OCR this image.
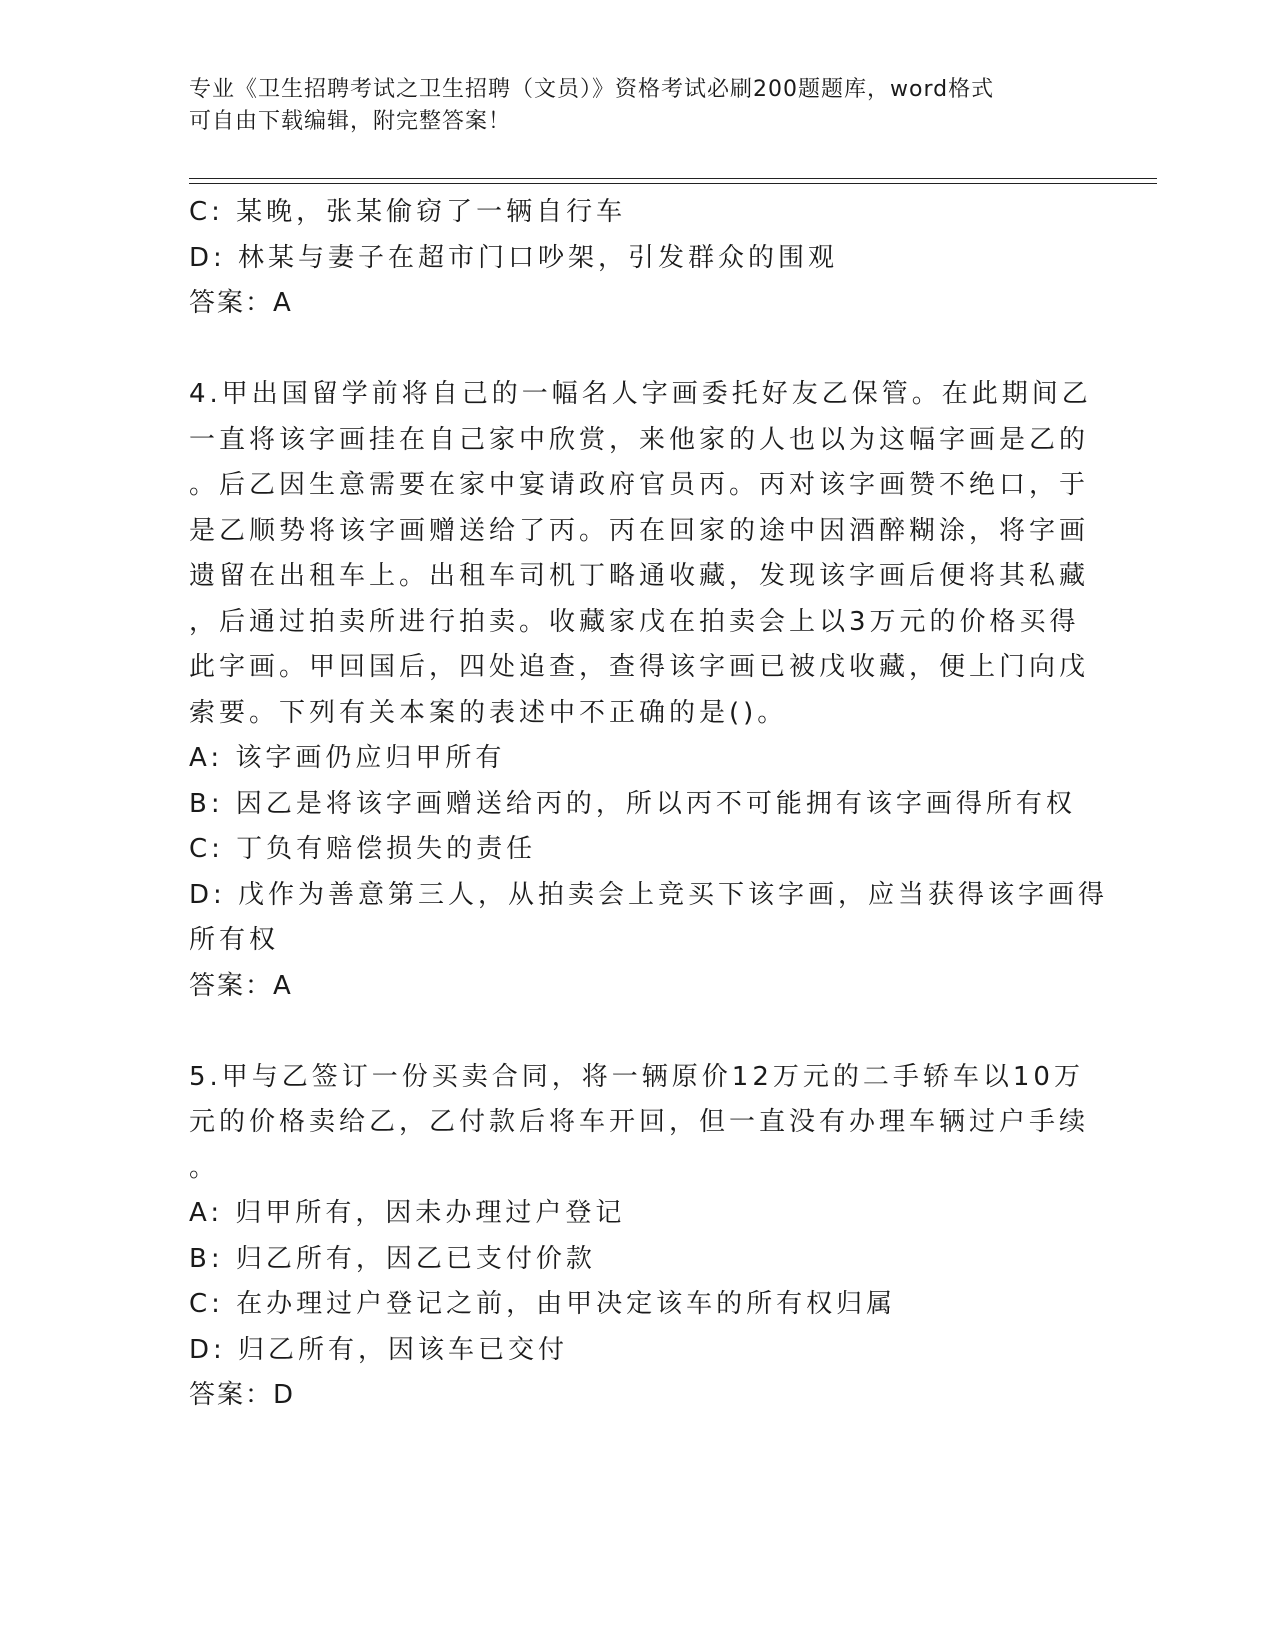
专业《卫生招聘考试之卫生招聘（文员）》资格考试必刷200题题库，word格式
可自由下载编辑，附完整答案！
C: 某晚，张某偷窃了一辆自行车
D: 林某与妻子在超市门口吵架，引发群众的围观
答案：A
4.甲出国留学前将自己的一幅名人字画委托好友乙保管。在此期间乙
一直将该字画挂在自己家中欣赏，来他家的人也以为这幅字画是乙的
。后乙因生意需要在家中宴请政府官员丙。丙对该字画赞不绝口，于
是乙顺势将该字画赠送给了丙。丙在回家的途中因酒醉糊涂，将字画
遗留在出租车上。出租车司机丁略通收藏，发现该字画后便将其私藏
，后通过拍卖所进行拍卖。收藏家戊在拍卖会上以3万元的价格买得
此字画。甲回国后，四处追查，查得该字画已被戊收藏，便上门向戊
索要。下列有关本案的表述中不正确的是()。
A: 该字画仍应归甲所有
B: 因乙是将该字画赠送给丙的，所以丙不可能拥有该字画得所有权
C: 丁负有赔偿损失的责任
D: 戊作为善意第三人，从拍卖会上竞买下该字画，应当获得该字画得
所有权
答案：A
5.甲与乙签订一份买卖合同，将一辆原价12万元的二手轿车以10万
元的价格卖给乙，乙付款后将车开回，但一直没有办理车辆过户手续
。
A: 归甲所有，因未办理过户登记
B: 归乙所有，因乙已支付价款
C: 在办理过户登记之前，由甲决定该车的所有权归属
D: 归乙所有，因该车已交付
答案：D
